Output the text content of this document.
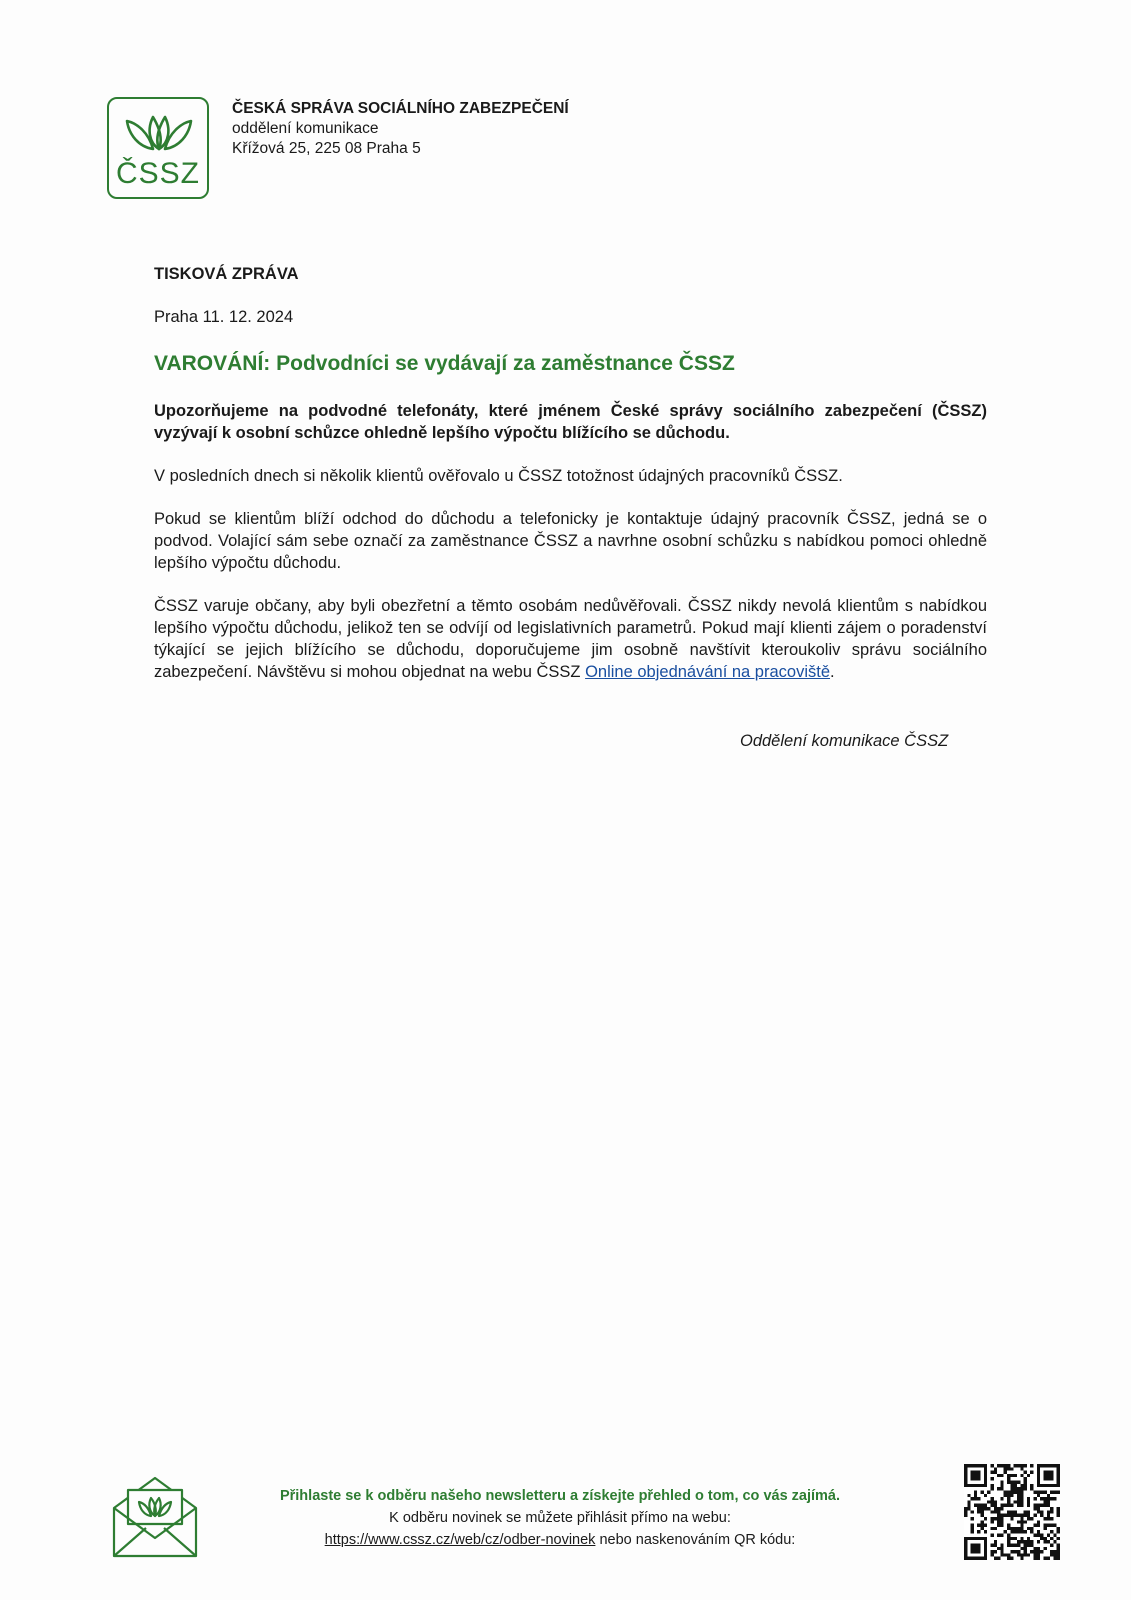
ČSSZ
ČESKÁ SPRÁVA SOCIÁLNÍHO ZABEZPEČENÍ
oddělení komunikace
Křížová 25, 225 08 Praha 5
TISKOVÁ ZPRÁVA
Praha 11. 12. 2024
VAROVÁNÍ: Podvodníci se vydávají za zaměstnance ČSSZ

Upozorňujeme na podvodné telefonáty, které jménem České správy sociálního zabezpečení (ČSSZ) vyzývají k osobní schůzce ohledně lepšího výpočtu blížícího se důchodu.

V posledních dnech si několik klientů ověřovalo u ČSSZ totožnost údajných pracovníků ČSSZ.

Pokud se klientům blíží odchod do důchodu a telefonicky je kontaktuje údajný pracovník ČSSZ, jedná se o podvod. Volající sám sebe označí za zaměstnance ČSSZ a navrhne osobní schůzku s nabídkou pomoci ohledně lepšího výpočtu důchodu.

ČSSZ varuje občany, aby byli obezřetní a těmto osobám nedůvěřovali. ČSSZ nikdy nevolá klientům s nabídkou lepšího výpočtu důchodu, jelikož ten se odvíjí od legislativních parametrů. Pokud mají klienti zájem o poradenství týkající se jejich blížícího se důchodu, doporučujeme jim osobně navštívit kteroukoliv správu sociálního zabezpečení. Návštěvu si mohou objednat na webu ČSSZ Online objednávání na pracoviště.

Oddělení komunikace ČSSZ
Přihlaste se k odběru našeho newsletteru a získejte přehled o tom, co vás zajímá.
K odběru novinek se můžete přihlásit přímo na webu:
https://www.cssz.cz/web/cz/odber-novinek nebo naskenováním QR kódu:
